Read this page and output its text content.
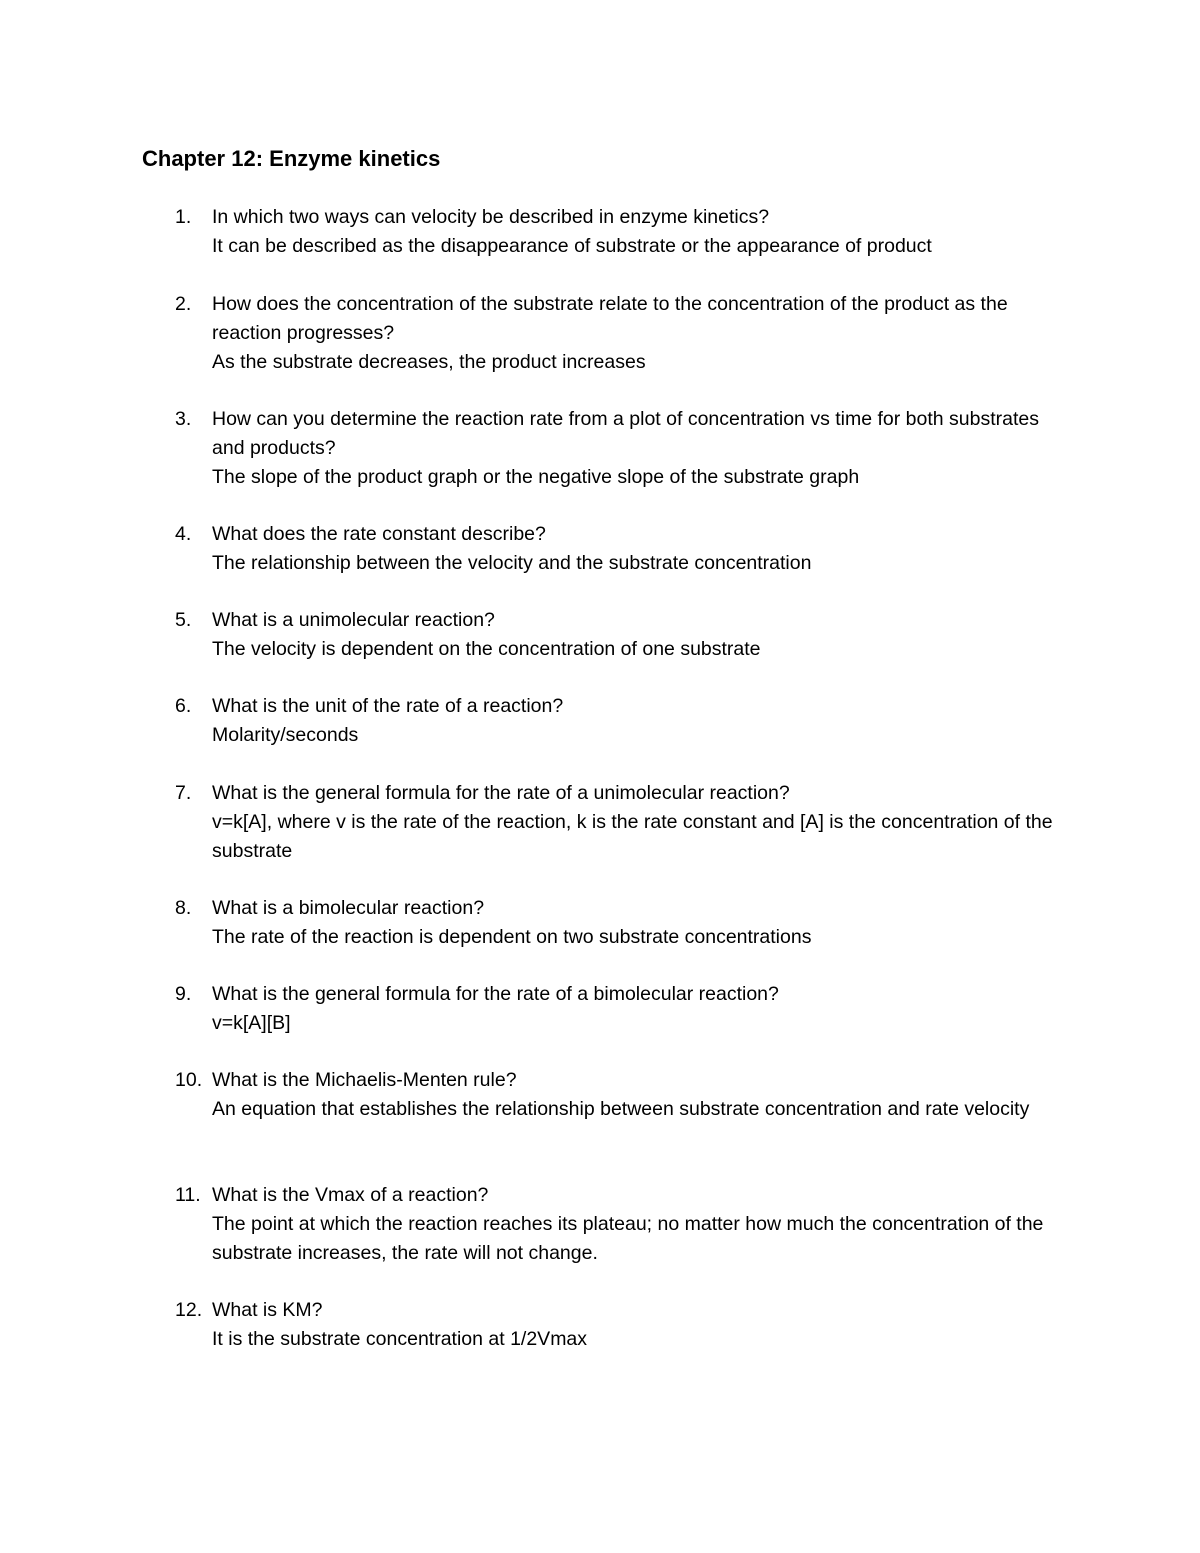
Chapter 12: Enzyme kinetics
1. In which two ways can velocity be described in enzyme kinetics?
It can be described as the disappearance of substrate or the appearance of product
2. How does the concentration of the substrate relate to the concentration of the product as the reaction progresses?
As the substrate decreases, the product increases
3. How can you determine the reaction rate from a plot of concentration vs time for both substrates and products?
The slope of the product graph or the negative slope of the substrate graph
4. What does the rate constant describe?
The relationship between the velocity and the substrate concentration
5. What is a unimolecular reaction?
The velocity is dependent on the concentration of one substrate
6. What is the unit of the rate of a reaction?
Molarity/seconds
7. What is the general formula for the rate of a unimolecular reaction?
v=k[A], where v is the rate of the reaction, k is the rate constant and [A] is the concentration of the substrate
8. What is a bimolecular reaction?
The rate of the reaction is dependent on two substrate concentrations
9. What is the general formula for the rate of a bimolecular reaction?
v=k[A][B]
10. What is the Michaelis-Menten rule?
An equation that establishes the relationship between substrate concentration and rate velocity
11. What is the Vmax of a reaction?
The point at which the reaction reaches its plateau; no matter how much the concentration of the substrate increases, the rate will not change.
12. What is KM?
It is the substrate concentration at 1/2Vmax
